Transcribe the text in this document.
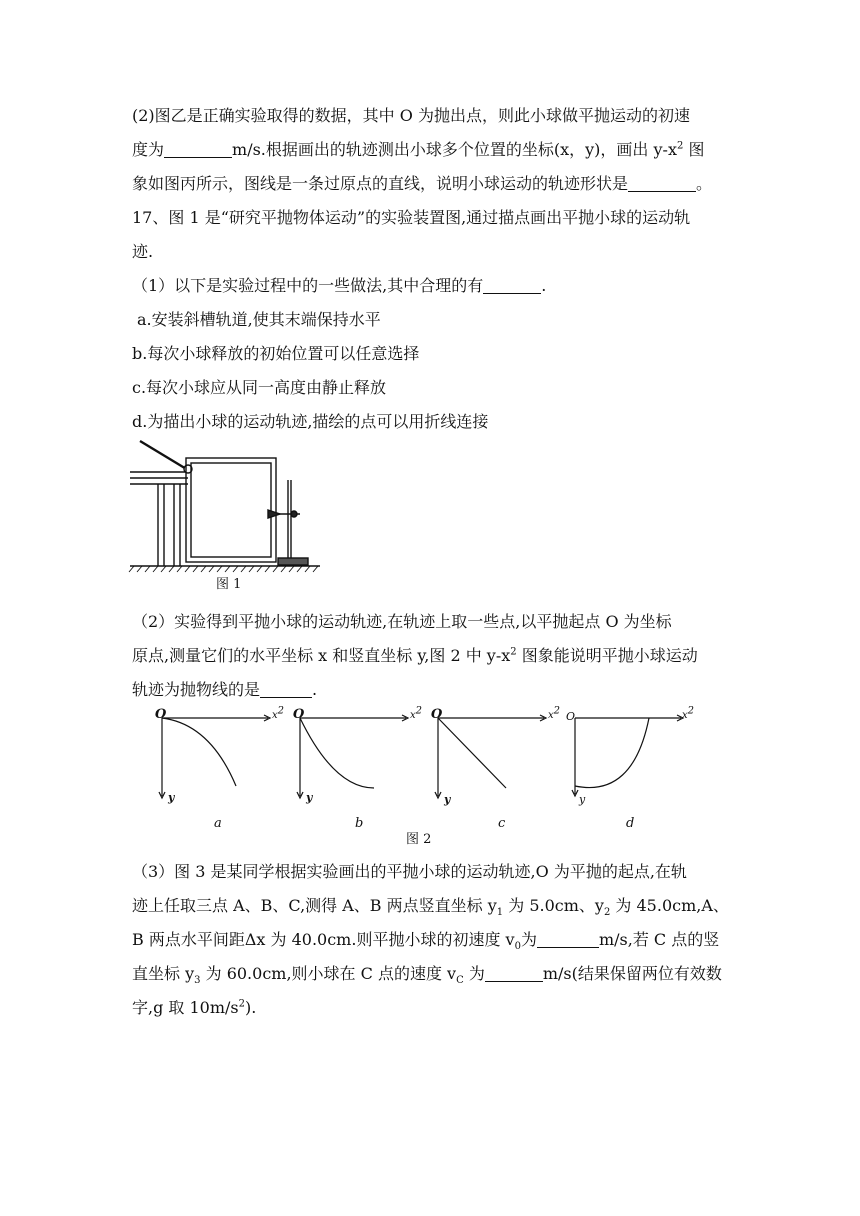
(2)图乙是正确实验取得的数据，其中 O 为抛出点，则此小球做平抛运动的初速
度为	m/s.根据画出的轨迹测出小球多个位置的坐标(x，y)，画出 $y-x^2$ 图
象如图丙所示，图线是一条过原点的直线，说明小球运动的轨迹形状是	。
17、图 1 是“研究平抛物体运动”的实验装置图,通过描点画出平抛小球的运动轨
迹.
（1）以下是实验过程中的一些做法,其中合理的有	.
a.安装斜槽轨道,使其末端保持水平
b.每次小球释放的初始位置可以任意选择
c.每次小球应从同一高度由静止释放
d.为描出小球的运动轨迹,描绘的点可以用折线连接
图 1
（2）实验得到平抛小球的运动轨迹,在轨迹上取一些点,以平抛起点 O 为坐标
原点,测量它们的水平坐标 x 和竖直坐标 y,图 2 中 $y-x^2$ 图象能说明平抛小球运动
轨迹为抛物线的是	.
O	$x^2$
y
O	$x^2$
y
O	$x^2$
y
O	$x^2$
y
a	b	c	d
图 2
（3）图 3 是某同学根据实验画出的平抛小球的运动轨迹,O 为平抛的起点,在轨
迹上任取三点 A、B、C,测得 A、B 两点竖直坐标 $y_1$ 为 5.0cm、$y_2$ 为 45.0cm,A、
B 两点水平间距Δx 为 40.0cm.则平抛小球的初速度 $v_0$为	m/s,若 C 点的竖
直坐标 $y_3$ 为 60.0cm,则小球在 C 点的速度 $v_C$ 为	m/s(结果保留两位有效数
字,g 取 $10m/s^2$).
